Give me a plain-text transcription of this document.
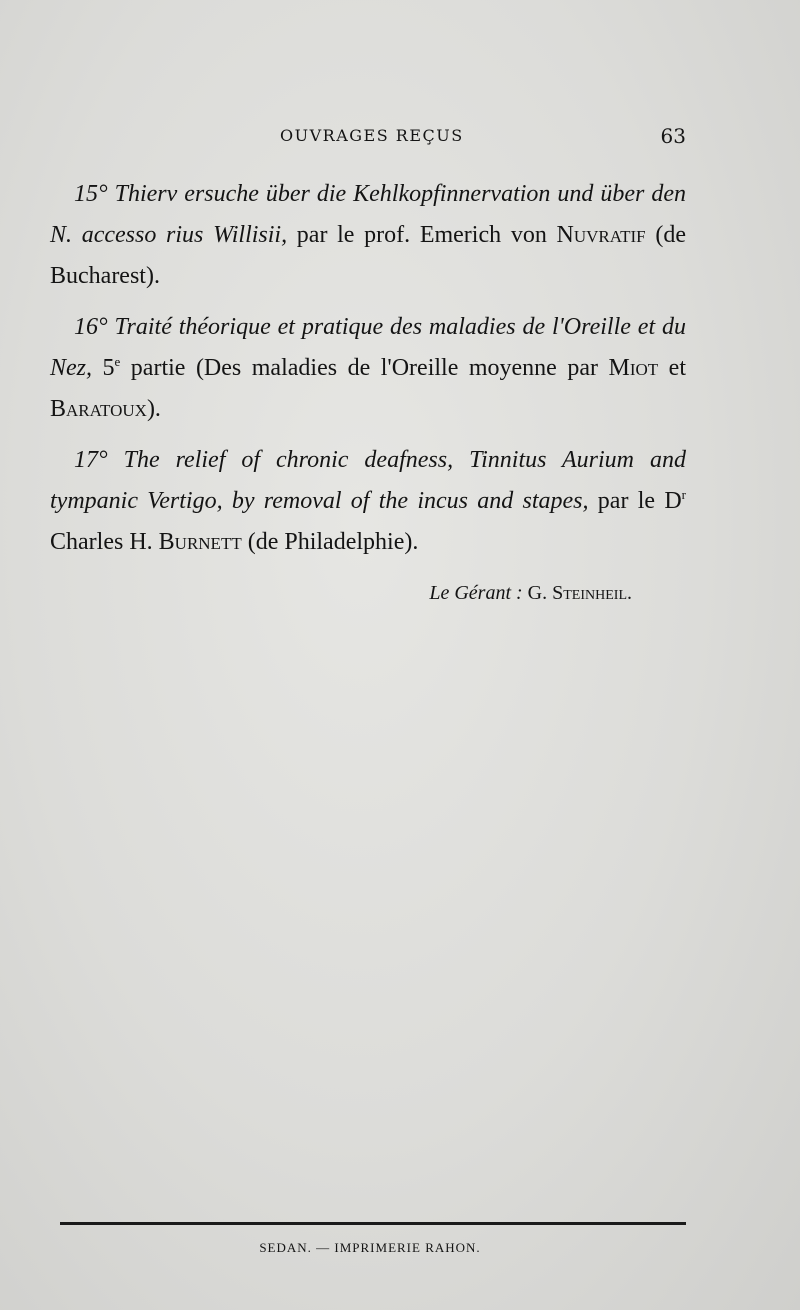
OUVRAGES REÇUS	63

15° Thierv ersuche über die Kehlkopfinnervation und über den N. accesso rius Willisii, par le prof. Emerich von Nuvratif (de Bucharest).

16° Traité théorique et pratique des maladies de l'Oreille et du Nez, 5e partie (Des maladies de l'Oreille moyenne par Miot et Baratoux).

17° The relief of chronic deafness, Tinnitus Aurium and tympanic Vertigo, by removal of the incus and stapes, par le $D^r$ Charles H. Burnett (de Philadelphie).

Le Gérant : G. Steinheil.
SEDAN. — IMPRIMERIE RAHON.
